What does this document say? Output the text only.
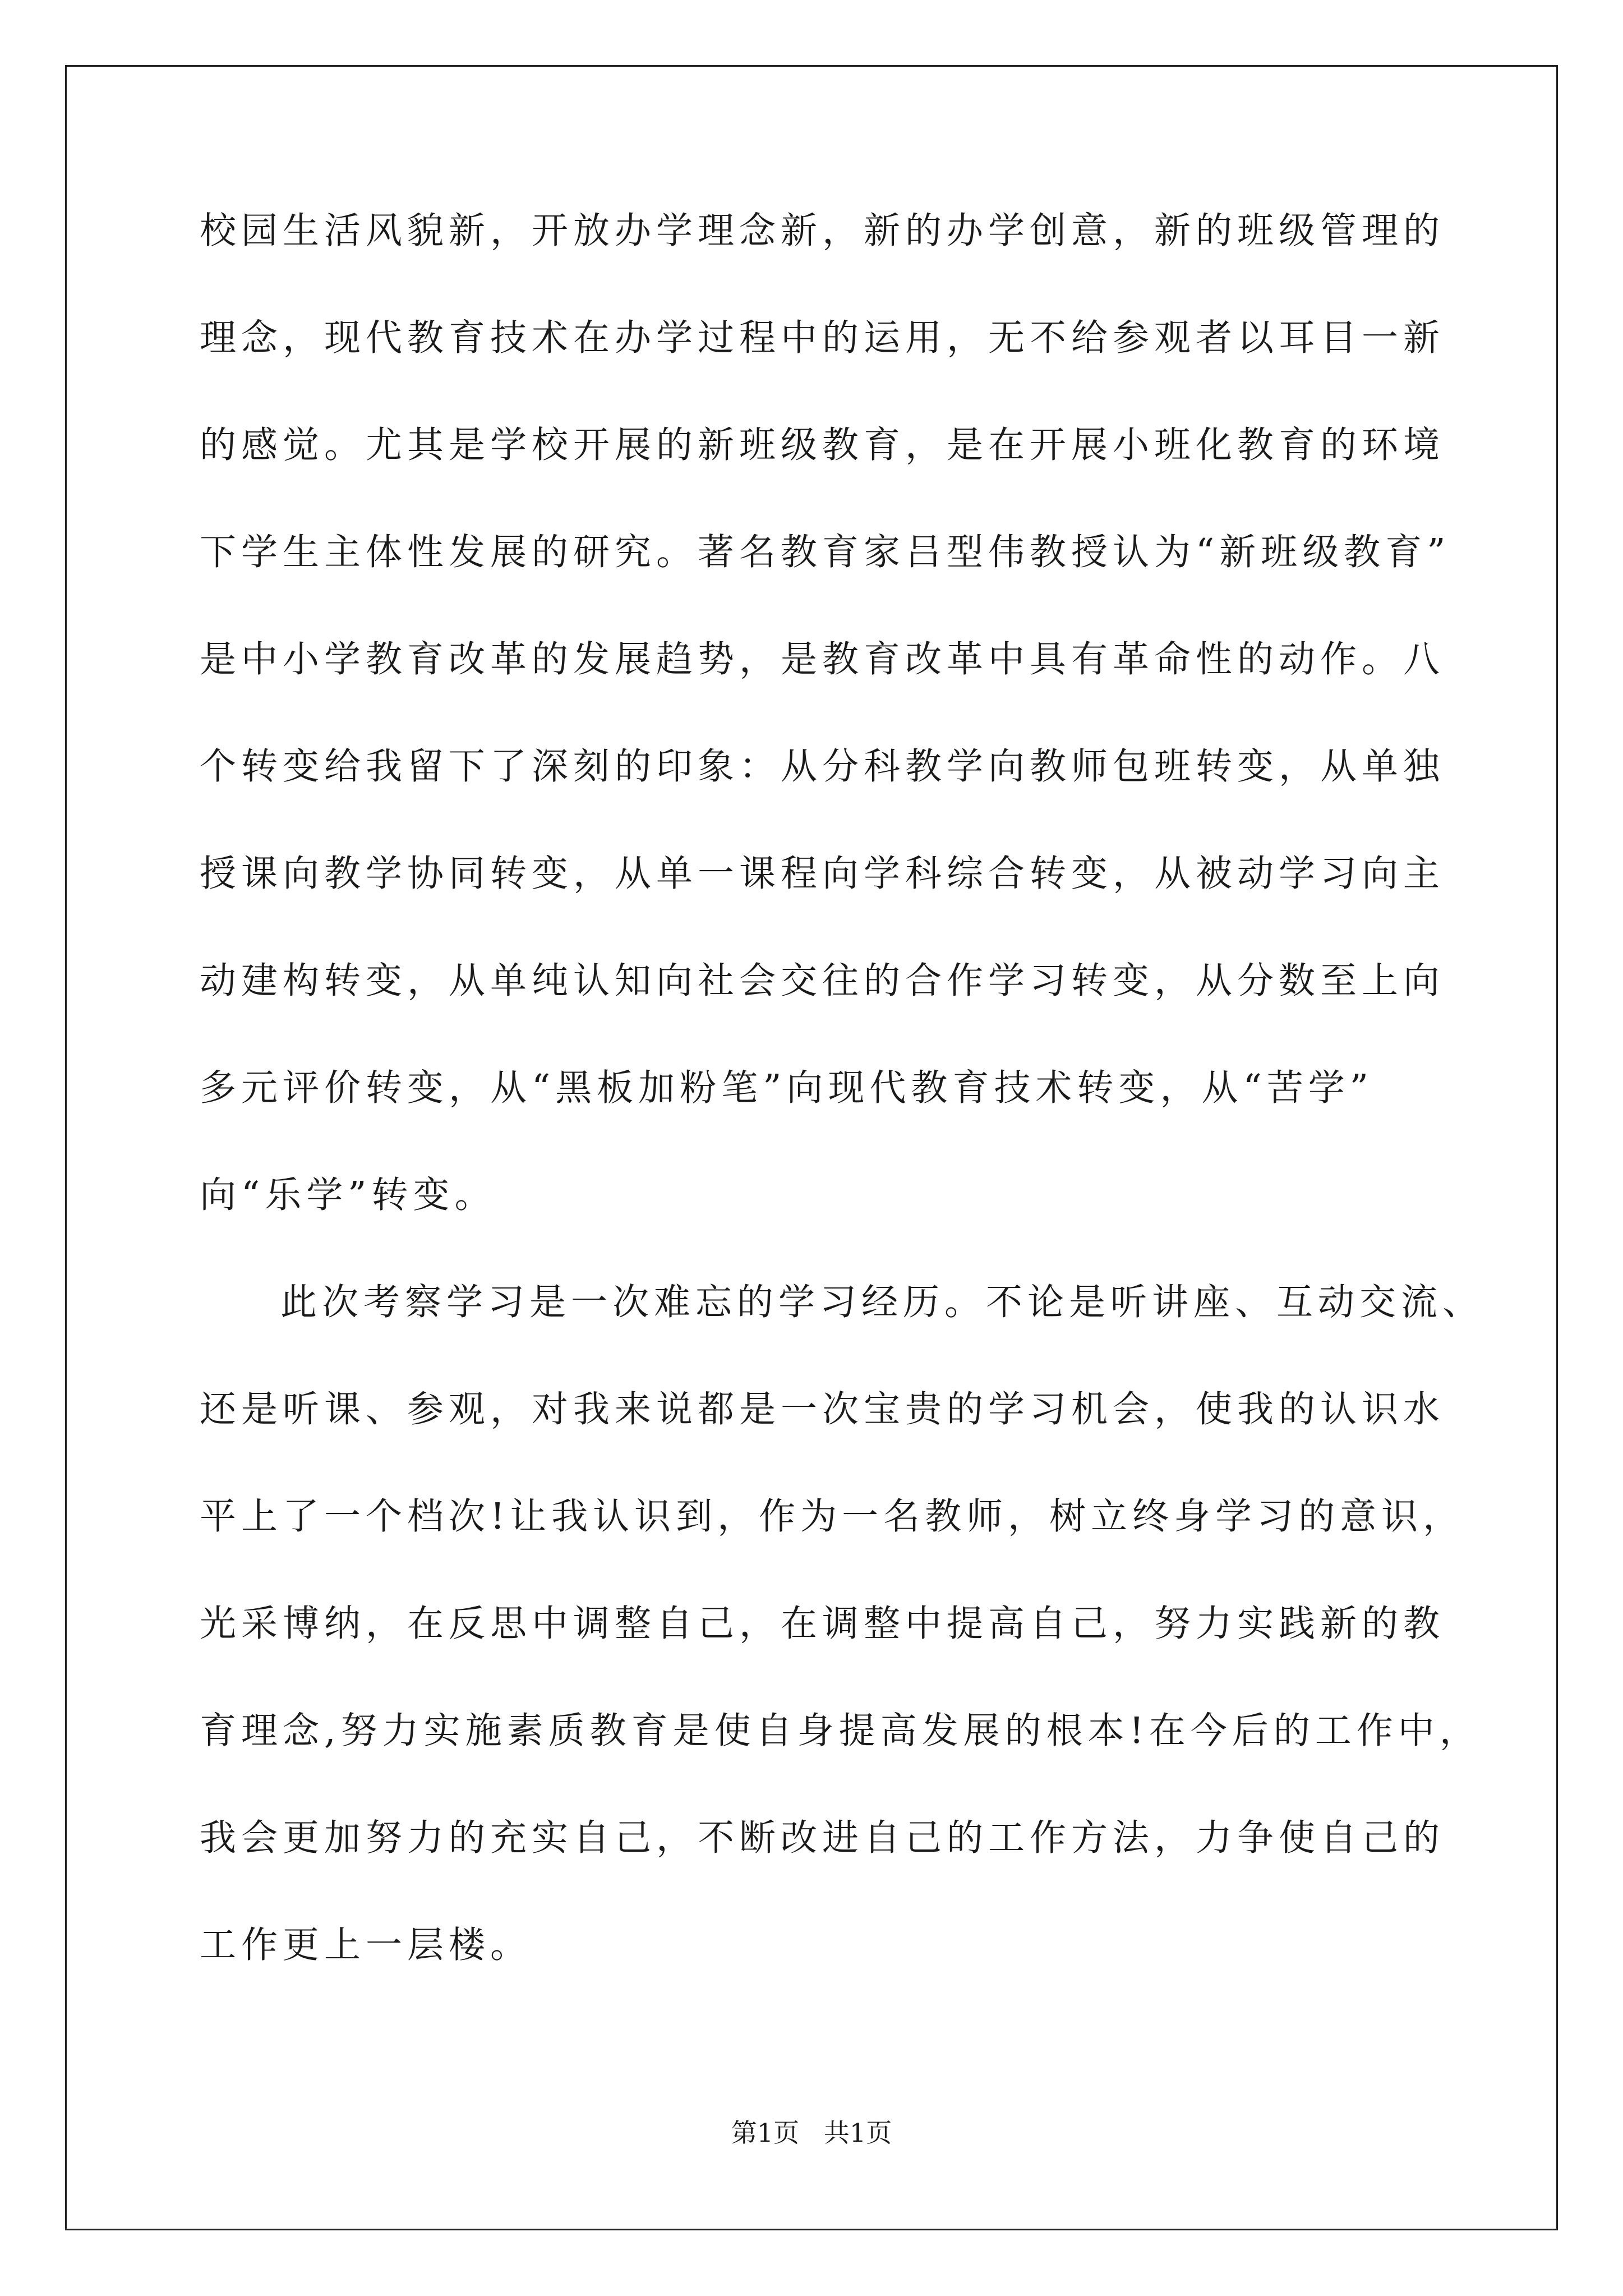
校园生活风貌新，开放办学理念新，新的办学创意，新的班级管理的

理念，现代教育技术在办学过程中的运用，无不给参观者以耳目一新

的感觉。尤其是学校开展的新班级教育，是在开展小班化教育的环境

下学生主体性发展的研究。著名教育家吕型伟教授认为“新班级教育”

是中小学教育改革的发展趋势，是教育改革中具有革命性的动作。八

个转变给我留下了深刻的印象：从分科教学向教师包班转变，从单独

授课向教学协同转变，从单一课程向学科综合转变，从被动学习向主

动建构转变，从单纯认知向社会交往的合作学习转变，从分数至上向

多元评价转变，从“黑板加粉笔”向现代教育技术转变，从“苦学”

向“乐学”转变。

此次考察学习是一次难忘的学习经历。不论是听讲座、互动交流、

还是听课、参观，对我来说都是一次宝贵的学习机会，使我的认识水

平上了一个档次!让我认识到，作为一名教师，树立终身学习的意识，

光采博纳，在反思中调整自己，在调整中提高自己，努力实践新的教

育理念,努力实施素质教育是使自身提高发展的根本!在今后的工作中，

我会更加努力的充实自己，不断改进自己的工作方法，力争使自己的

工作更上一层楼。

第1页   共1页
